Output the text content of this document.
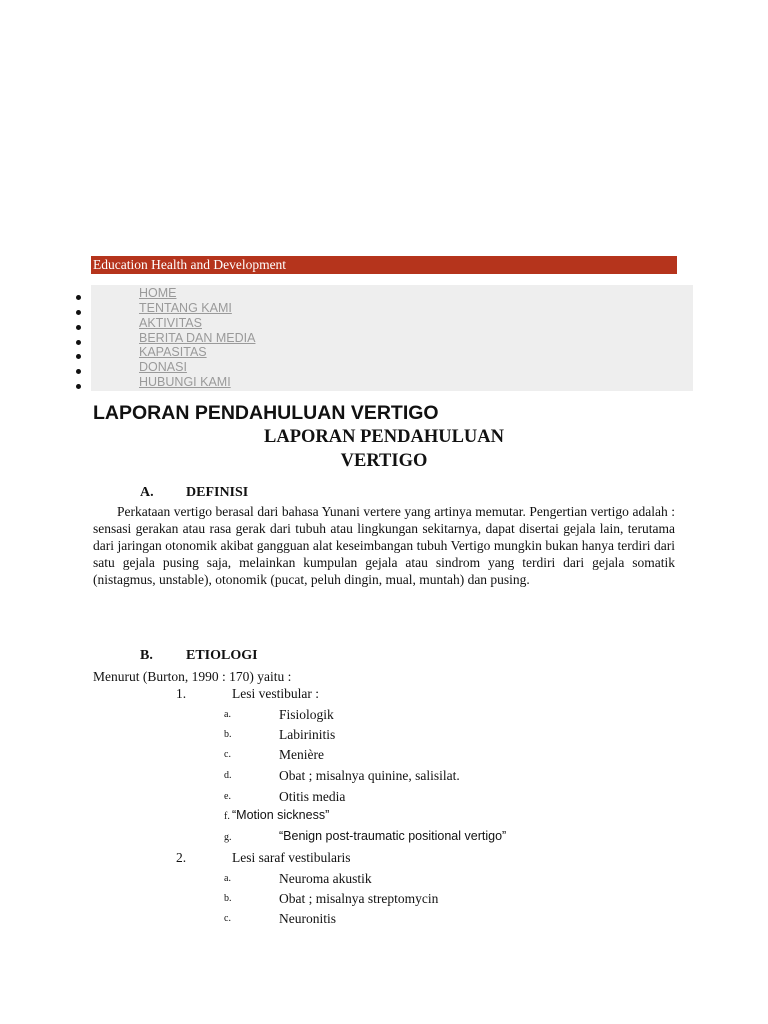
Education Health and Development
HOME
TENTANG KAMI
AKTIVITAS
BERITA DAN MEDIA
KAPASITAS
DONASI
HUBUNGI KAMI
LAPORAN PENDAHULUAN VERTIGO
LAPORAN PENDAHULUAN
VERTIGO
A. DEFINISI
Perkataan vertigo berasal dari bahasa Yunani vertere yang artinya memutar. Pengertian vertigo adalah : sensasi gerakan atau rasa gerak dari tubuh atau lingkungan sekitarnya, dapat disertai gejala lain, terutama dari jaringan otonomik akibat gangguan alat keseimbangan tubuh Vertigo mungkin bukan hanya terdiri dari satu gejala pusing saja, melainkan kumpulan gejala atau sindrom yang terdiri dari gejala somatik (nistagmus, unstable), otonomik (pucat, peluh dingin, mual, muntah) dan pusing.
B. ETIOLOGI
Menurut (Burton, 1990 : 170) yaitu :
1.	Lesi vestibular :
a.	Fisiologik
b.	Labirinitis
c.	Menière
d.	Obat ; misalnya quinine, salisilat.
e.	Otitis media
f. “Motion sickness”
g.	“Benign post-traumatic positional vertigo”
2.	Lesi saraf vestibularis
a.	Neuroma akustik
b.	Obat ; misalnya streptomycin
c.	Neuronitis
